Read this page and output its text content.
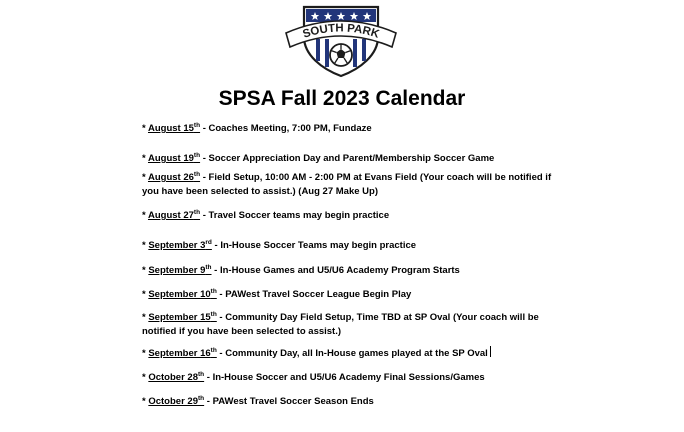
SOUTH PARK
SPSA Fall 2023 Calendar
* August 15th - Coaches Meeting, 7:00 PM, Fundaze
* August 19th - Soccer Appreciation Day and Parent/Membership Soccer Game
* August 26th - Field Setup, 10:00 AM - 2:00 PM at Evans Field (Your coach will be notified if
you have been selected to assist.) (Aug 27 Make Up)
* August 27th - Travel Soccer teams may begin practice
* September 3rd - In-House Soccer Teams may begin practice
* September 9th - In-House Games and U5/U6 Academy Program Starts
* September 10th - PAWest Travel Soccer League Begin Play
* September 15th - Community Day Field Setup, Time TBD at SP Oval (Your coach will be
notified if you have been selected to assist.)
* September 16th - Community Day, all In-House games played at the SP Oval
* October 28th - In-House Soccer and U5/U6 Academy Final Sessions/Games
* October 29th - PAWest Travel Soccer Season Ends
